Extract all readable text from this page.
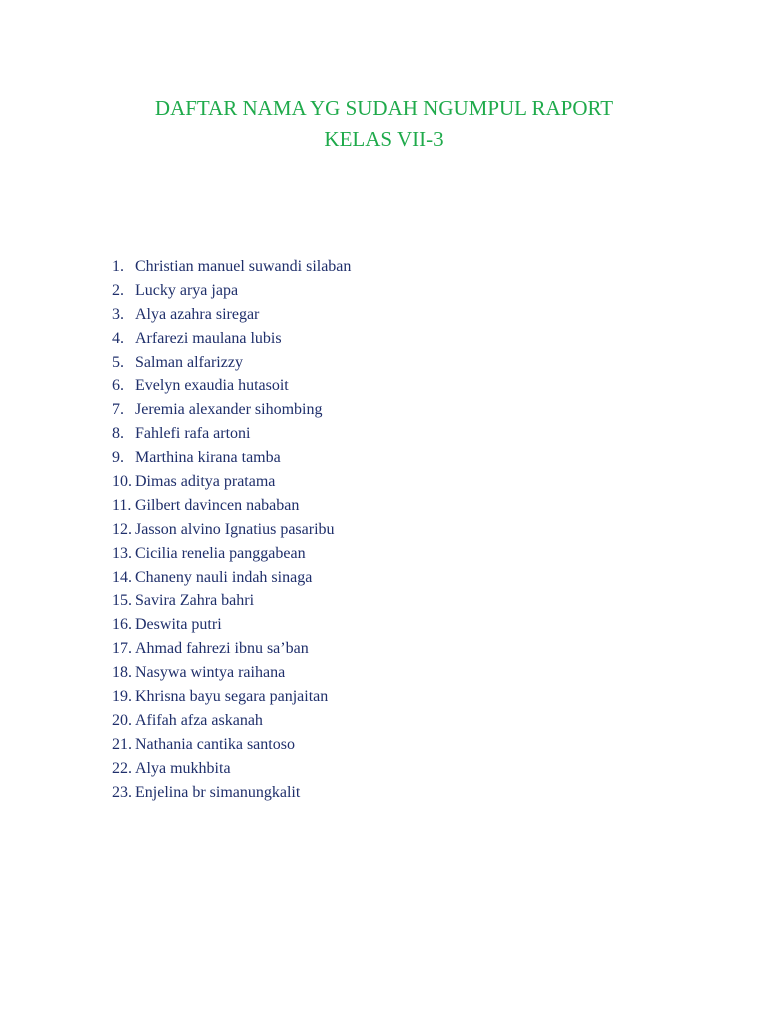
DAFTAR NAMA YG SUDAH NGUMPUL RAPORT
KELAS VII-3
1. Christian manuel suwandi silaban
2. Lucky arya japa
3. Alya azahra siregar
4. Arfarezi maulana lubis
5. Salman alfarizzy
6. Evelyn exaudia hutasoit
7. Jeremia alexander sihombing
8. Fahlefi rafa artoni
9. Marthina kirana tamba
10. Dimas aditya pratama
11. Gilbert davincen nababan
12. Jasson alvino Ignatius pasaribu
13. Cicilia renelia panggabean
14. Chaneny nauli indah sinaga
15. Savira Zahra bahri
16. Deswita putri
17. Ahmad fahrezi ibnu sa’ban
18. Nasywa wintya raihana
19. Khrisna bayu segara panjaitan
20. Afifah afza askanah
21. Nathania cantika santoso
22. Alya mukhbita
23. Enjelina br simanungkalit
